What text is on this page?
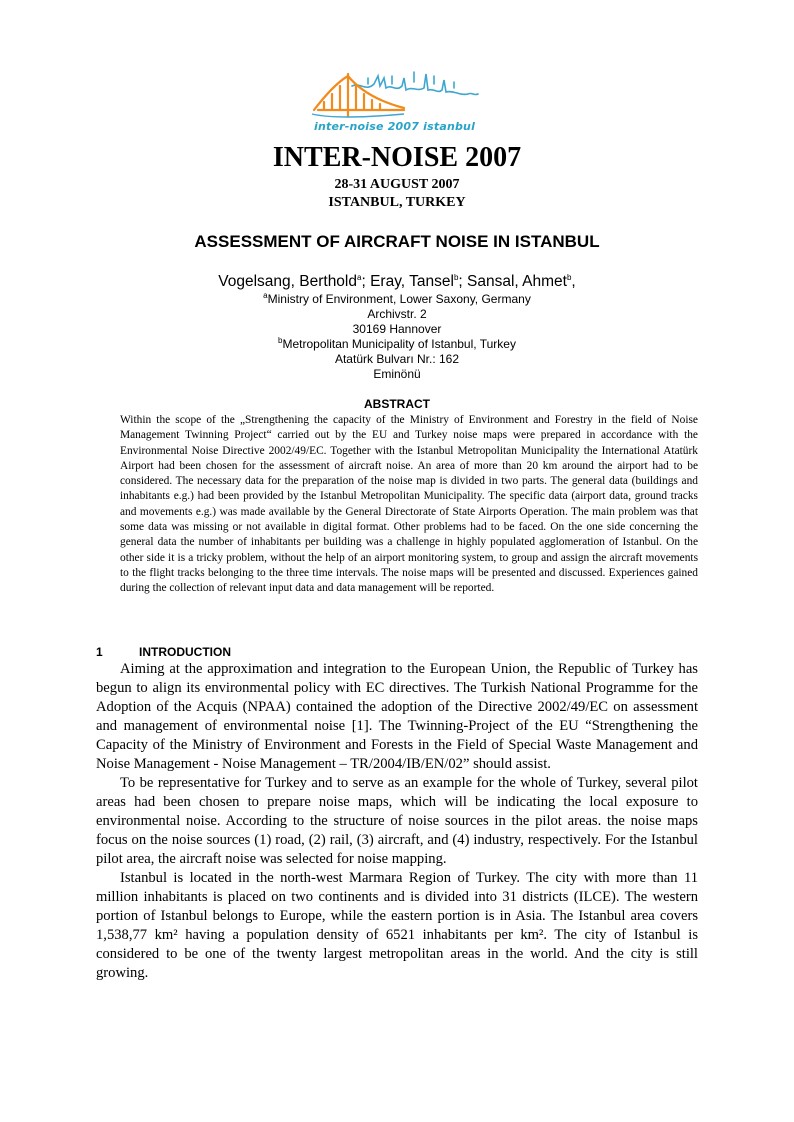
inter-noise 2007 istanbul
INTER-NOISE 2007
28-31 AUGUST 2007
ISTANBUL, TURKEY
ASSESSMENT OF AIRCRAFT NOISE IN ISTANBUL
Vogelsang, Berthold$^a$; Eray, Tansel$^b$; Sansal, Ahmet$^b$,
$^a$Ministry of Environment, Lower Saxony, Germany
Archivstr. 2
30169 Hannover
$^b$Metropolitan Municipality of Istanbul, Turkey
Atatürk Bulvarı Nr.: 162
Eminönü
ABSTRACT

Within the scope of the „Strengthening the capacity of the Ministry of Environment and Forestry in the field of Noise Management Twinning Project“ carried out by the EU and Turkey noise maps were prepared in accordance with the Environmental Noise Directive 2002/49/EC. Together with the Istanbul Metropolitan Municipality the International Atatürk Airport had been chosen for the assessment of aircraft noise. An area of more than 20 km around the airport had to be considered. The necessary data for the preparation of the noise map is divided in two parts. The general data (buildings and inhabitants e.g.) had been provided by the Istanbul Metropolitan Municipality. The specific data (airport data, ground tracks and movements e.g.) was made available by the General Directorate of State Airports Operation. The main problem was that some data was missing or not available in digital format. Other problems had to be faced. On the one side concerning the general data the number of inhabitants per building was a challenge in highly populated agglomeration of Istanbul. On the other side it is a tricky problem, without the help of an airport monitoring system, to group and assign the aircraft movements to the flight tracks belonging to the three time intervals. The noise maps will be presented and discussed. Experiences gained during the collection of relevant input data and data management will be reported.

1	INTRODUCTION

Aiming at the approximation and integration to the European Union, the Republic of Turkey has begun to align its environmental policy with EC directives. The Turkish National Programme for the Adoption of the Acquis (NPAA) contained the adoption of the Directive 2002/49/EC on assessment and management of environmental noise [1]. The Twinning-Project of the EU “Strengthening the Capacity of the Ministry of Environment and Forests in the Field of Special Waste Management and Noise Management - Noise Management – TR/2004/IB/EN/02” should assist.

To be representative for Turkey and to serve as an example for the whole of Turkey, several pilot areas had been chosen to prepare noise maps, which will be indicating the local exposure to environmental noise. According to the structure of noise sources in the pilot areas. the noise maps focus on the noise sources (1) road, (2) rail, (3) aircraft, and (4) industry, respectively. For the Istanbul pilot area, the aircraft noise was selected for noise mapping.

Istanbul is located in the north-west Marmara Region of Turkey. The city with more than 11 million inhabitants is placed on two continents and is divided into 31 districts (ILCE). The western portion of Istanbul belongs to Europe, while the eastern portion is in Asia. The Istanbul area covers 1,538,77 km² having a population density of 6521 inhabitants per km². The city of Istanbul is considered to be one of the twenty largest metropolitan areas in the world. And the city is still growing.
